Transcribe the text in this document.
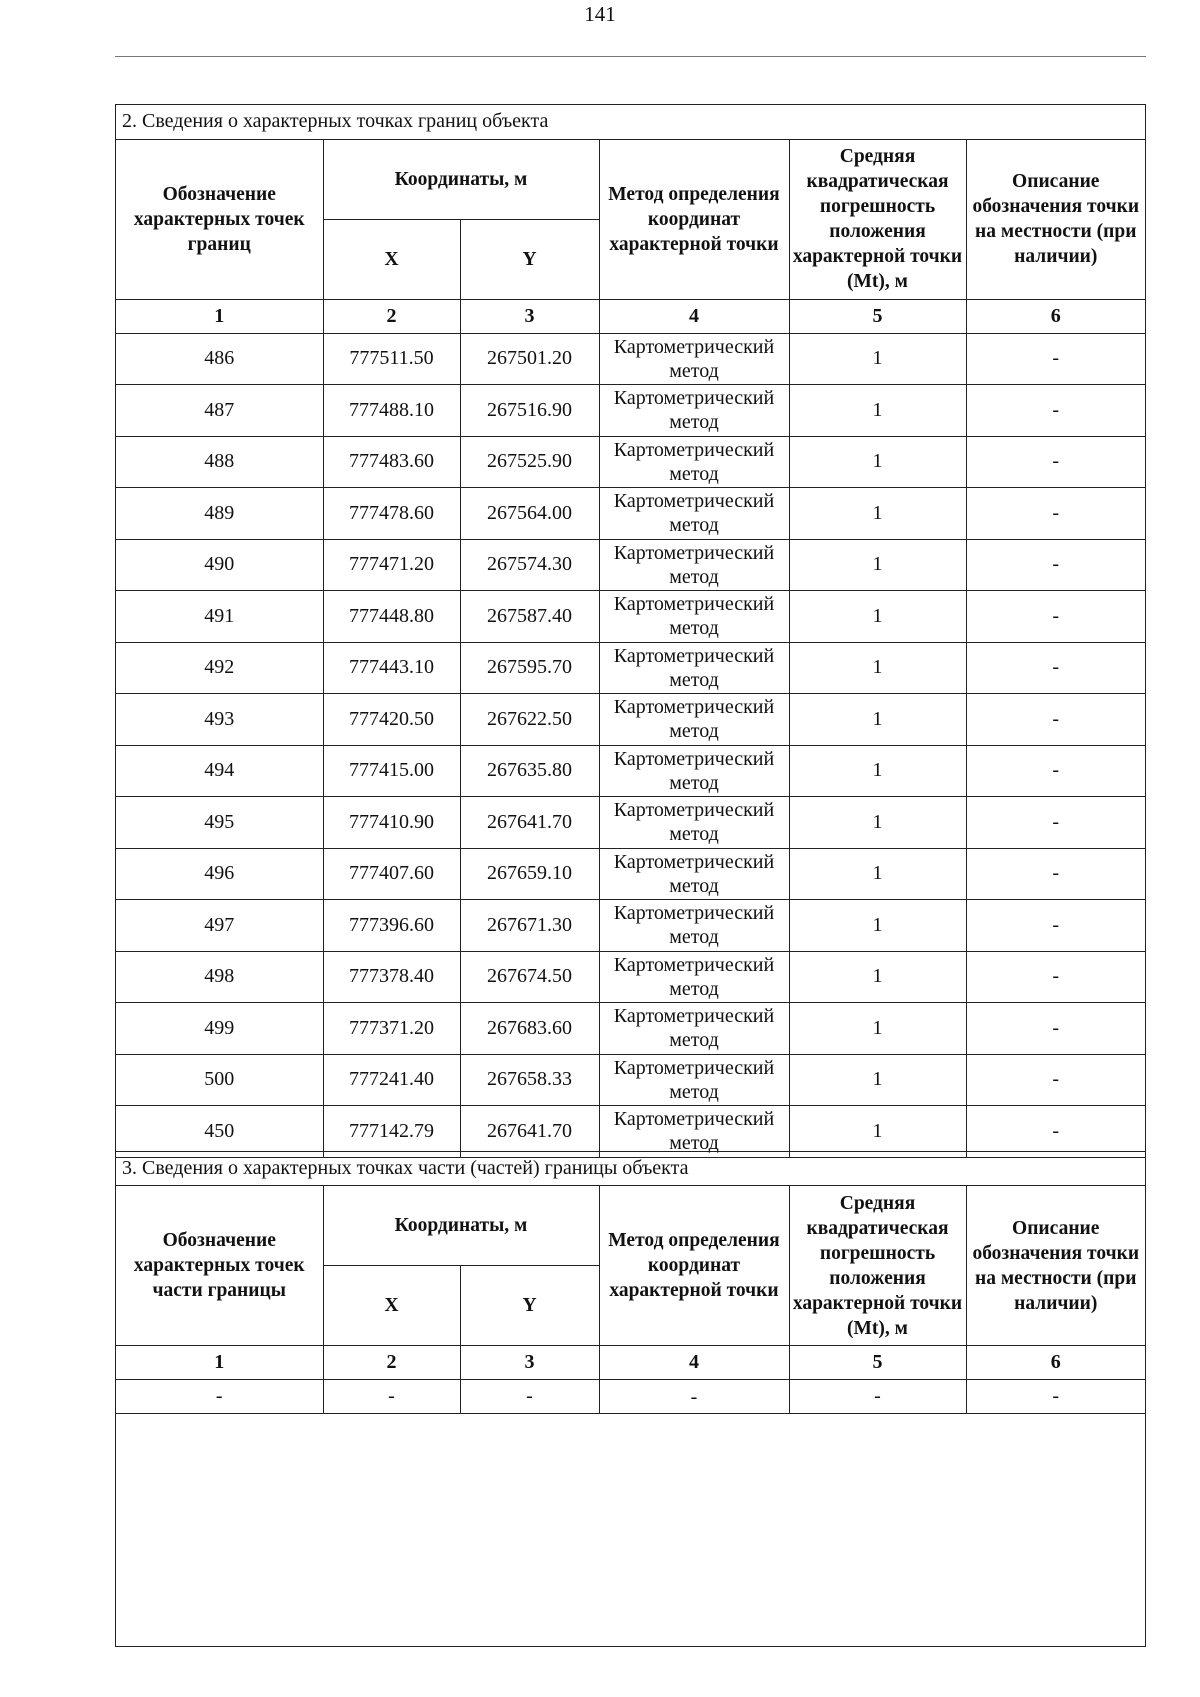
141
2. Сведения о характерных точках границ объекта					
Обозначение характерных точек границ	Координаты, м		Метод определения координат характерной точки	Средняя квадратическая погрешность положения характерной точки (Mt), м	Описание обозначения точки на местности (при наличии)
	X	Y			
1	2	3	4	5	6
486	777511.50	267501.20	Картометрический метод	1	-
487	777488.10	267516.90	Картометрический метод	1	-
488	777483.60	267525.90	Картометрический метод	1	-
489	777478.60	267564.00	Картометрический метод	1	-
490	777471.20	267574.30	Картометрический метод	1	-
491	777448.80	267587.40	Картометрический метод	1	-
492	777443.10	267595.70	Картометрический метод	1	-
493	777420.50	267622.50	Картометрический метод	1	-
494	777415.00	267635.80	Картометрический метод	1	-
495	777410.90	267641.70	Картометрический метод	1	-
496	777407.60	267659.10	Картометрический метод	1	-
497	777396.60	267671.30	Картометрический метод	1	-
498	777378.40	267674.50	Картометрический метод	1	-
499	777371.20	267683.60	Картометрический метод	1	-
500	777241.40	267658.33	Картометрический метод	1	-
450	777142.79	267641.70	Картометрический метод	1	-
3. Сведения о характерных точках части (частей) границы объекта					
Обозначение характерных точек части границы	Координаты, м		Метод определения координат характерной точки	Средняя квадратическая погрешность положения характерной точки (Mt), м	Описание обозначения точки на местности (при наличии)
	X	Y			
1	2	3	4	5	6
-	-	-	-	-	-
